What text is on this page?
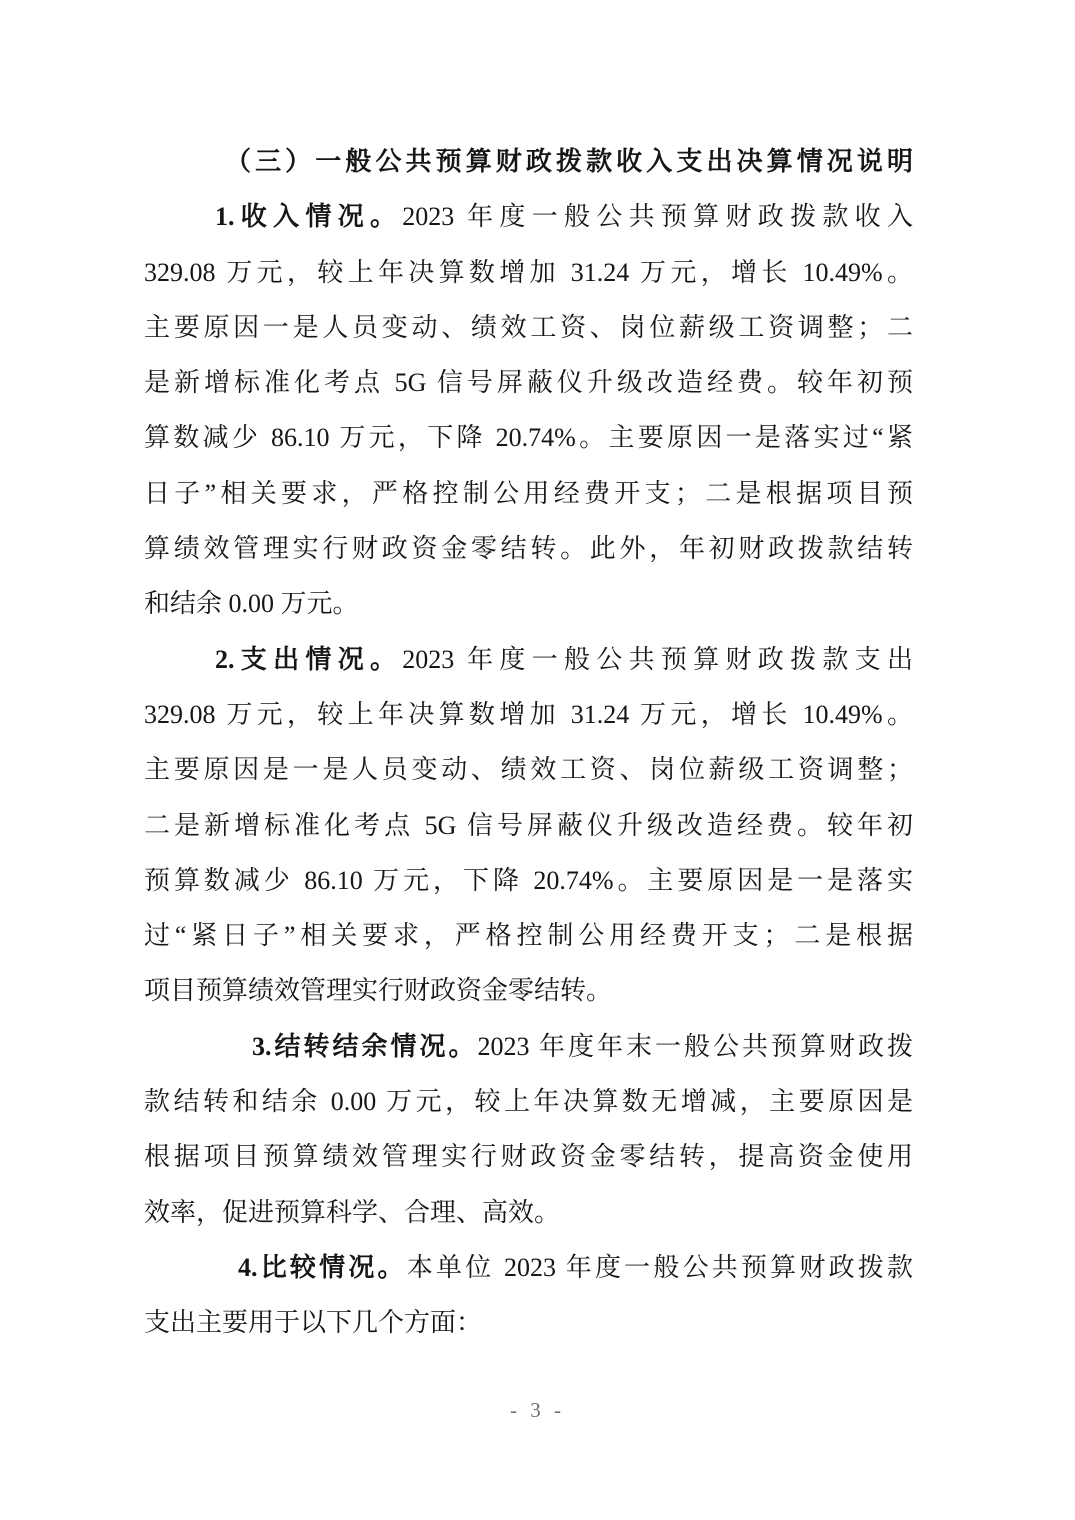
（三）一般公共预算财政拨款收入支出决算情况说明
1.收入情况。2023 年度一般公共预算财政拨款收入
329.08 万元，较上年决算数增加 31.24 万元，增长 10.49%。
主要原因一是人员变动、绩效工资、岗位薪级工资调整；二
是新增标准化考点 5G 信号屏蔽仪升级改造经费。较年初预
算数减少 86.10 万元，下降 20.74%。主要原因一是落实过“紧
日子”相关要求，严格控制公用经费开支；二是根据项目预
算绩效管理实行财政资金零结转。此外，年初财政拨款结转
和结余 0.00 万元。
2.支出情况。2023 年度一般公共预算财政拨款支出
329.08 万元，较上年决算数增加 31.24 万元，增长 10.49%。
主要原因是一是人员变动、绩效工资、岗位薪级工资调整；
二是新增标准化考点 5G 信号屏蔽仪升级改造经费。较年初
预算数减少 86.10 万元，下降 20.74%。主要原因是一是落实
过“紧日子”相关要求，严格控制公用经费开支；二是根据
项目预算绩效管理实行财政资金零结转。
3.结转结余情况。2023 年度年末一般公共预算财政拨
款结转和结余 0.00 万元，较上年决算数无增减，主要原因是
根据项目预算绩效管理实行财政资金零结转，提高资金使用
效率，促进预算科学、合理、高效。
4.比较情况。本单位 2023 年度一般公共预算财政拨款
支出主要用于以下几个方面：
- 3 -
